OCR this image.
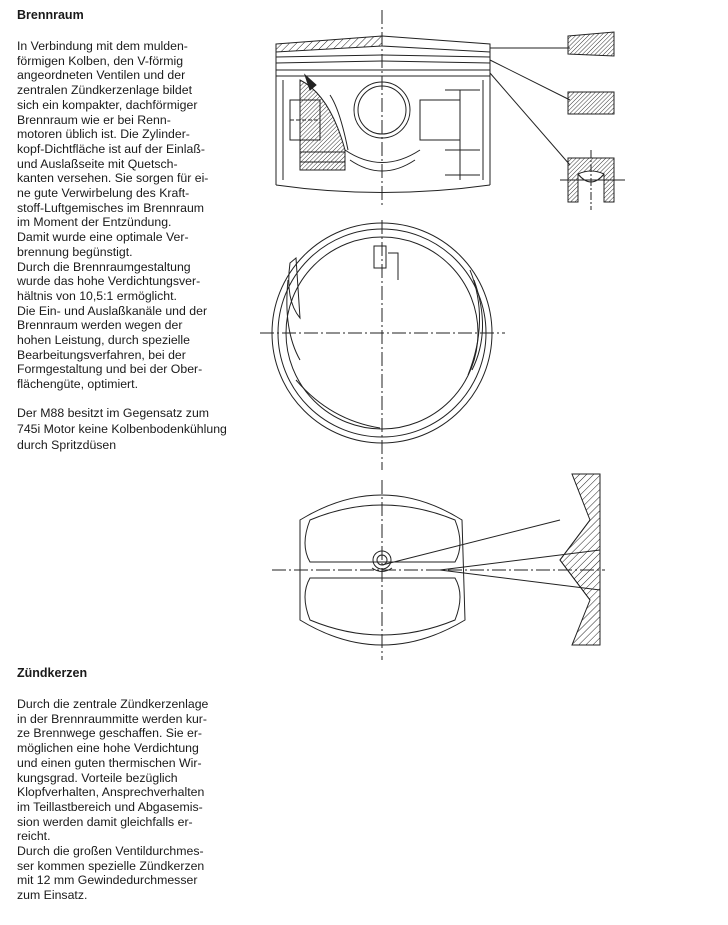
Brennraum
In Verbindung mit dem mulden-
förmigen Kolben, den V-förmig
angeordneten Ventilen und der
zentralen Zündkerzenlage bildet
sich ein kompakter, dachförmiger
Brennraum wie er bei Renn-
motoren üblich ist. Die Zylinder-
kopf-Dichtfläche ist auf der Einlaß-
und Auslaßseite mit Quetsch-
kanten versehen. Sie sorgen für ei-
ne gute Verwirbelung des Kraft-
stoff-Luftgemisches im Brennraum
im Moment der Entzündung.
Damit wurde eine optimale Ver-
brennung begünstigt.
Durch die Brennraumgestaltung
wurde das hohe Verdichtungsver-
hältnis von 10,5:1 ermöglicht.
Die Ein- und Auslaßkanäle und der
Brennraum werden wegen der
hohen Leistung, durch spezielle
Bearbeitungsverfahren, bei der
Formgestaltung und bei der Ober-
flächengüte, optimiert.
Der M88 besitzt im Gegensatz zum
745i Motor keine Kolbenbodenkühlung
durch Spritzdüsen
Zündkerzen
Durch die zentrale Zündkerzenlage
in der Brennraummitte werden kur-
ze Brennwege geschaffen. Sie er-
möglichen eine hohe Verdichtung
und einen guten thermischen Wir-
kungsgrad. Vorteile bezüglich
Klopfverhalten, Ansprechverhalten
im Teillastbereich und Abgasemis-
sion werden damit gleichfalls er-
reicht.
Durch die großen Ventildurchmes-
ser kommen spezielle Zündkerzen
mit 12 mm Gewindedurchmesser
zum Einsatz.
